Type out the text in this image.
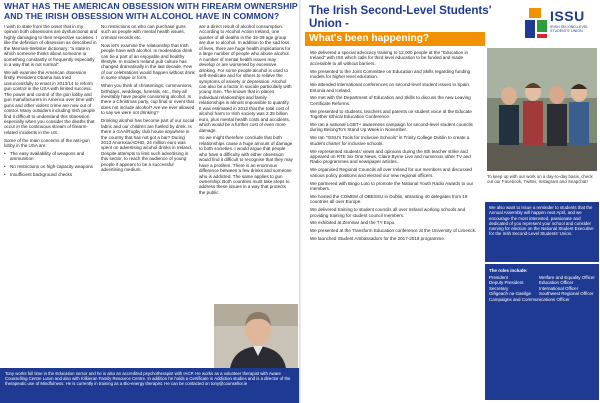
WHAT HAS THE AMERICAN OBSESSION WITH FIREARM OWNERSHIP AND THE IRISH OBSESSION WITH ALCOHOL HAVE IN COMMON?

I wish to state from the onset that in my opinion both obsessions are dysfunctional and highly damaging to their respective societies. I like the definition of obsession as described in the Merriam-Webster dictionary: "a state in which someone thinks about someone or something constantly or frequently especially in a way that is not normal".

We will examine the American obsession firstly. President Obama has tried unsuccessfully to enact in 2013/14 to reform gun control in the USA with limited success. The power and control of the gun lobby and gun manufacturers in America over time with guns and other violent crime are now out of control. Many outsiders including Irish people find it difficult to understand this obsession especially when you consider the deaths that occur in the continuous stream of firearm-related incidents in the US.

Some of the main concerns of the anti-gun lobby in the USA are:

• The easy availability of weapons and ammunition
• No restrictions on high-capacity weapons
• Insufficient background checks

No restrictions on who can purchase guns such as people with mental health issues, criminal records etc.

Now let's examine the relationship that Irish people have with alcohol. In moderation drink can be a part of an enjoyable and healthy lifestyle. In modern Ireland pub culture has changed dramatically in the last decade. Few of our celebrations would happen without drink in some shape or form.

When you think of christenings, communions, birthdays, weddings, funerals, etc., they all inevitably have people consuming alcohol. Is there a Christmas party, cup final or event that does not include alcohol? Are we ever allowed to say we were not drinking?

Drinking alcohol has become part of our social fabric and our children are fuelled by drink. Is there a GAA/Rugby club house anywhere in the country that has not got a bar? During 2013 Anorexia/ADHD, 24 million euro was spent on advertising alcohol drinks in Ireland. Despite attempts to limit such advertising in this sector, to reach the audience of young people it appears to be a successful advertising medium.

are a direct result of alcohol consumption. According to Alcohol Action Ireland, one quarter of all deaths in the 15-39 age group are due to alcohol. In addition to the sad loss of lives, there are huge health implications for a large number of people who abuse alcohol. A number of mental health issues may develop or are worsened by excessive drinking. For some people alcohol is used to self-medicate and for others to relieve the symptoms of anxiety or depression. Alcohol can also be a factor in suicide particularly with young men. The known that in places individual relationships and family relationships is almost impossible to quantify. It was estimated in 2012 that the total cost of alcohol harm to Irish society was 2.35 billion euro, plus mental health costs and accidents, which would be a further cost of even more damage.

So we might therefore conclude that both relationships cause a huge amount of damage to both societies. I would argue that people who have a difficulty with either obsession would find it difficult to recognise that they may have a problem. There is an enormous difference between a few drinks and someone who is addicted. The same applies to gun ownership. Both countries must take steps to address these issues in a way that protects the public.

Tony works full time in the Education sector and he is also an accredited psychotherapist with IACP. He works as a volunteer therapist with Aware Counselling Centre Luton and also with Kilkieran Family Resource Centre. In addition he holds a Certificate in Addiction studies and is a director of the therapeutic use of Mindfulness. He is currently in training as a Bio-energy therapist. He can be contacted on tony@counsellor.ie
The Irish Second-Level Students' Union -
What's been happening?
ISSU
IRISH SECOND-LEVEL STUDENTS' UNION

We delivered a special advocacy training to 12,000 people at the "Education in Ireland" with ISS which calls for third level education to be funded and made accessible to all without barriers.

We presented to the Joint Committee on Education and Skills regarding funding models for higher level education.

We attended international conferences on second-level student issues in Spain, Estonia and Iceland.

We met with the Department of Education and Skills to discuss the new Leaving Certificate Reforms.

We presented to students, teachers and parents on student voice at the Educate Together Ethical Education Conference.

We ran a national LGBT+ awareness campaign for second-level student councils during BelongTo's Stand Up Week in November.

We ran "ISSU's Tools for Inclusive Schools" in Trinity College Dublin to create a student charter for inclusive schools.

We represented students' views and opinions during the 6th teacher strike and appeared on RTE Six One News, Claire Byrne Live and numerous other TV and Radio programmes and newspaper articles.

We organised Regional Councils all over Ireland for our members and discussed various policy positions and elected our new regional officers.

We partnered with Bingo Loto to promote the National Youth Radio Awards to our members.

We hosted the COMEM of OBESSU in Dublin, attracting 40 delegates from 19 countries all over Europe.

We delivered training to student councils all over Ireland working schools and providing training for student council members.

We exhibited at Zeminar and the TY Expo.

We presented at the Transform Education conference at the University of Limerick.

We launched Student Ambassadors for the 2017-2018 programme.

To keep up with our work on a day-to-day basis, check out our Facebook, Twitter, Instagram and Snapchat!
We also want to issue a reminder to students that the Annual Assembly will happen next April, and we encourage the most interested, passionate and dedicated of you represent your school and consider running for election on the National Student Executive for the Irish Second-Level Students' Union.
The roles include:
President	Welfare and Equality Officer
Deputy President	Education Officer
Secretary	International Officer
Oifigeach na Gaeilge	Southwest Regional Officer
Campaigns and Communications Officer
